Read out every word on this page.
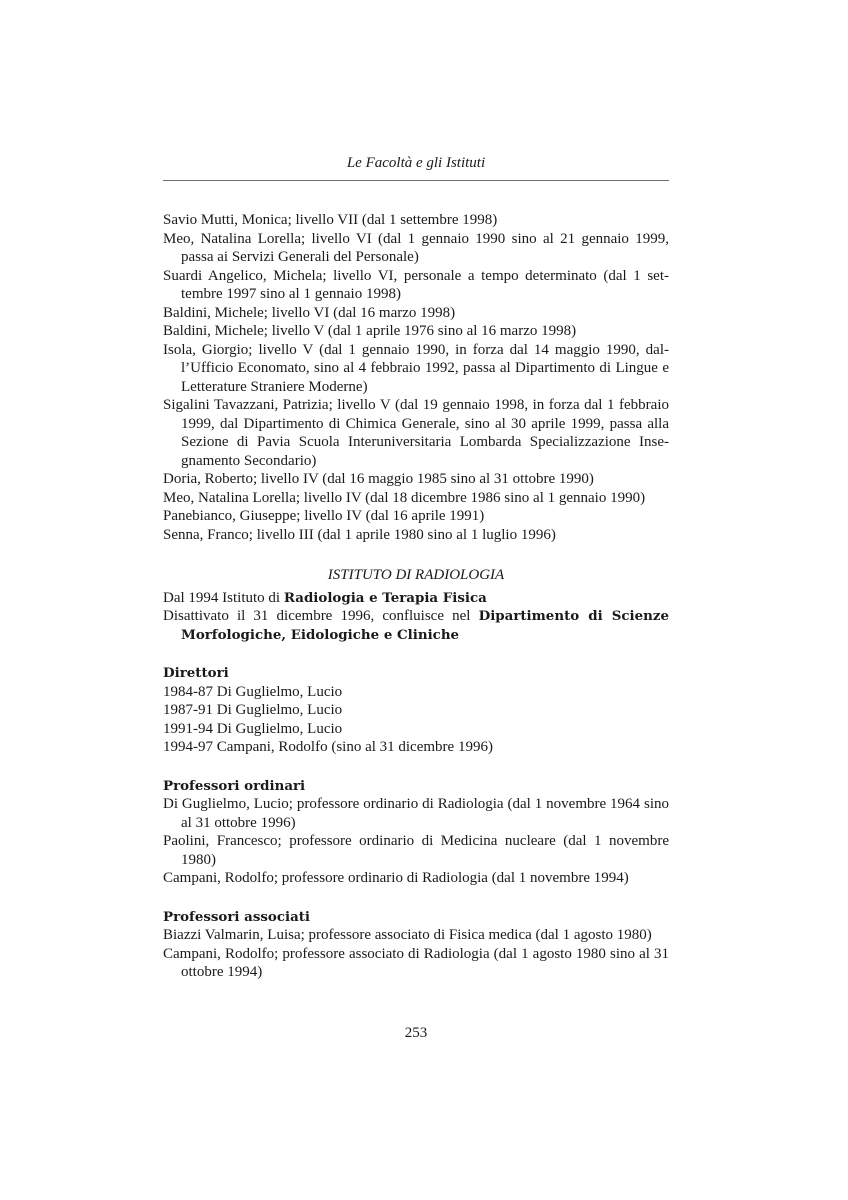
Le Facoltà e gli Istituti
Savio Mutti, Monica; livello VII (dal 1 settembre 1998)
Meo, Natalina Lorella; livello VI (dal 1 gennaio 1990 sino al 21 gennaio 1999, passa ai Servizi Generali del Personale)
Suardi Angelico, Michela; livello VI, personale a tempo determinato (dal 1 settembre 1997 sino al 1 gennaio 1998)
Baldini, Michele; livello VI (dal 16 marzo 1998)
Baldini, Michele; livello V (dal 1 aprile 1976 sino al 16 marzo 1998)
Isola, Giorgio; livello V (dal 1 gennaio 1990, in forza dal 14 maggio 1990, dall’Ufficio Economato, sino al 4 febbraio 1992, passa al Dipartimento di Lingue e Letterature Straniere Moderne)
Sigalini Tavazzani, Patrizia; livello V (dal 19 gennaio 1998, in forza dal 1 febbraio 1999, dal Dipartimento di Chimica Generale, sino al 30 aprile 1999, passa alla Sezione di Pavia Scuola Interuniversitaria Lombarda Specializzazione Insegnamento Secondario)
Doria, Roberto; livello IV (dal 16 maggio 1985 sino al 31 ottobre 1990)
Meo, Natalina Lorella; livello IV (dal 18 dicembre 1986 sino al 1 gennaio 1990)
Panebianco, Giuseppe; livello IV (dal 16 aprile 1991)
Senna, Franco; livello III (dal 1 aprile 1980 sino al 1 luglio 1996)
ISTITUTO DI RADIOLOGIA
Dal 1994 Istituto di Radiologia e Terapia Fisica
Disattivato il 31 dicembre 1996, confluisce nel Dipartimento di Scienze Morfologiche, Eidologiche e Cliniche
Direttori
1984-87 Di Guglielmo, Lucio
1987-91 Di Guglielmo, Lucio
1991-94 Di Guglielmo, Lucio
1994-97 Campani, Rodolfo (sino al 31 dicembre 1996)
Professori ordinari
Di Guglielmo, Lucio; professore ordinario di Radiologia (dal 1 novembre 1964 sino al 31 ottobre 1996)
Paolini, Francesco; professore ordinario di Medicina nucleare (dal 1 novembre 1980)
Campani, Rodolfo; professore ordinario di Radiologia (dal 1 novembre 1994)
Professori associati
Biazzi Valmarin, Luisa; professore associato di Fisica medica (dal 1 agosto 1980)
Campani, Rodolfo; professore associato di Radiologia (dal 1 agosto 1980 sino al 31 ottobre 1994)
253
